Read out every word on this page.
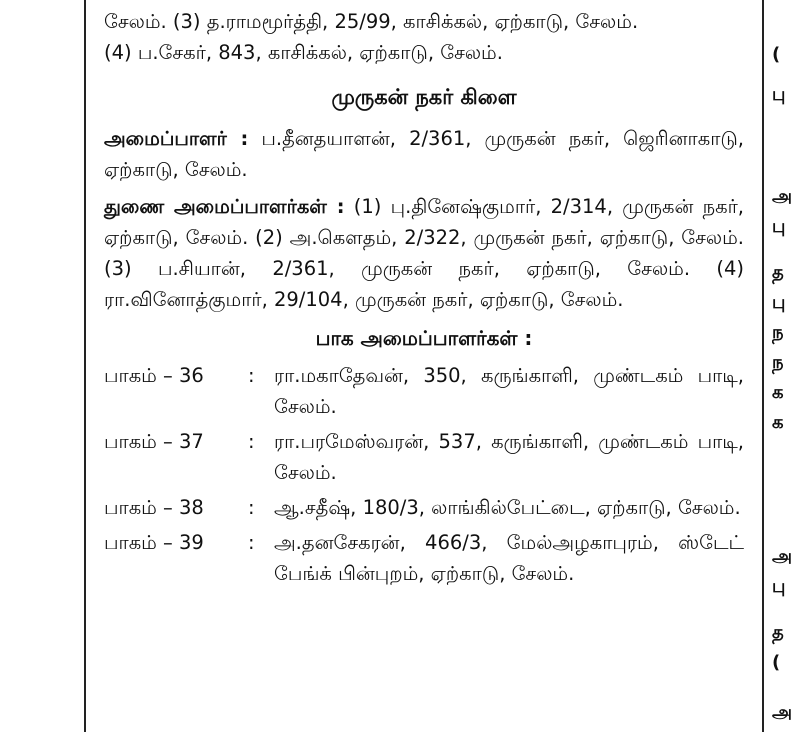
சேலம். (3) த.ராமமூர்த்தி, 25/99, காசிக்கல், ஏற்காடு, சேலம்.
(4) ப.சேகர், 843, காசிக்கல், ஏற்காடு, சேலம்.

முருகன் நகர் கிளை

அமைப்பாளர் : ப.தீனதயாளன், 2/361, முருகன் நகர், ஜெரினாகாடு, ஏற்காடு, சேலம்.

துணை அமைப்பாளர்கள் : (1) பு.தினேஷ்குமார், 2/314, முருகன் நகர், ஏற்காடு, சேலம். (2) அ.கௌதம், 2/322, முருகன் நகர், ஏற்காடு, சேலம். (3) ப.சியான், 2/361, முருகன் நகர், ஏற்காடு, சேலம். (4) ரா.வினோத்குமார், 29/104, முருகன் நகர், ஏற்காடு, சேலம்.

பாக அமைப்பாளர்கள் :
பாகம் – 36	: ரா.மகாதேவன், 350, கருங்காளி, முண்டகம் பாடி, சேலம்.
பாகம் – 37	: ரா.பரமேஸ்வரன், 537, கருங்காளி, முண்டகம் பாடி, சேலம்.
பாகம் – 38	: ஆ.சதீஷ், 180/3, லாங்கில்பேட்டை, ஏற்காடு, சேலம்.
பாகம் – 39	: அ.தனசேகரன், 466/3, மேல்அழகாபுரம், ஸ்டேட் பேங்க் பின்புறம், ஏற்காடு, சேலம்.
(
பு
அ
பு
த
பு
ந
ந
க
க
அ
பு
த
(
அ
